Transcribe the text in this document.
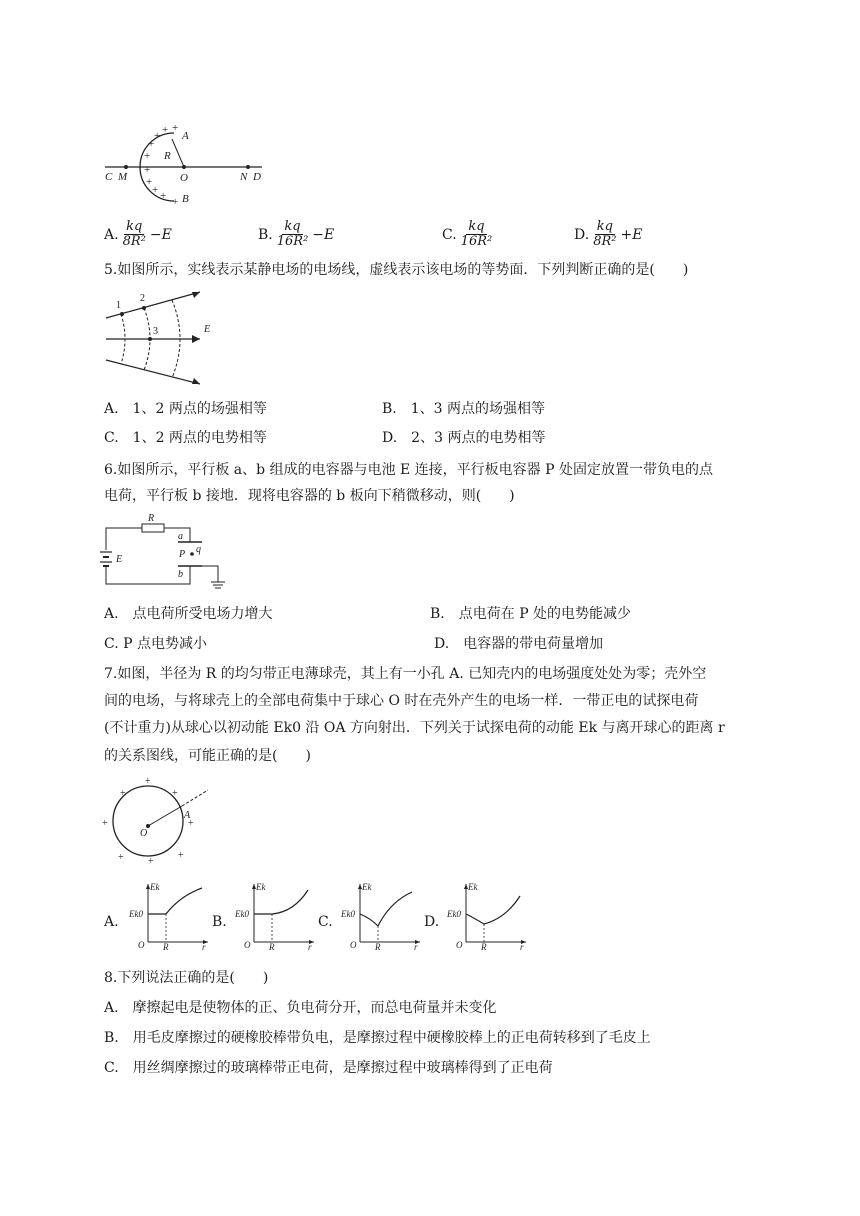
+
+ + +
+
+
+
+ + +
C M	O	N D
A
B
R
A. $\frac{kq}{\text{8R²}} -E$	B. $\frac{kq}{\text{16R²}} -E$	C. $\frac{kq}{\text{16R²}}$	D. $\frac{kq}{\text{8R²}} +E$
5.如图所示，实线表示某静电场的电场线，虚线表示该电场的等势面．下列判断正确的是(　　)
1
2
3	E
A.　1、2 两点的场强相等	B.　1、3 两点的场强相等
C.　1、2 两点的电势相等	D.　2、3 两点的电势相等
6.如图所示，平行板 a、b 组成的电容器与电池 E 连接，平行板电容器 P 处固定放置一带负电的点
电荷，平行板 b 接地．现将电容器的 b 板向下稍微移动，则(　　)
R
E
a
b
P q
A.　点电荷所受电场力增大	B.　点电荷在 P 处的电势能减少
C. P 点电势减小	D.　电容器的带电荷量增加
7.如图，半径为 R 的均匀带正电薄球壳，其上有一小孔 A. 已知壳内的电场强度处处为零；壳外空
间的电场，与将球壳上的全部电荷集中于球心 O 时在壳外产生的电场一样．一带正电的试探电荷
(不计重力)从球心以初动能 Ek0 沿 OA 方向射出．下列关于试探电荷的动能 Ek 与离开球心的距离 r
的关系图线，可能正确的是(　　)
+
+	+
+	+
+ +
+
O
A
A.	B.	C.	D.
Ek
Ek0
O R	r
Ek
Ek0
O R	r
Ek
Ek0
O R	r
Ek
Ek0
O R	r
8.下列说法正确的是(　　)
A.　摩擦起电是使物体的正、负电荷分开，而总电荷量并未变化
B.　用毛皮摩擦过的硬橡胶棒带负电，是摩擦过程中硬橡胶棒上的正电荷转移到了毛皮上
C.　用丝绸摩擦过的玻璃棒带正电荷，是摩擦过程中玻璃棒得到了正电荷
